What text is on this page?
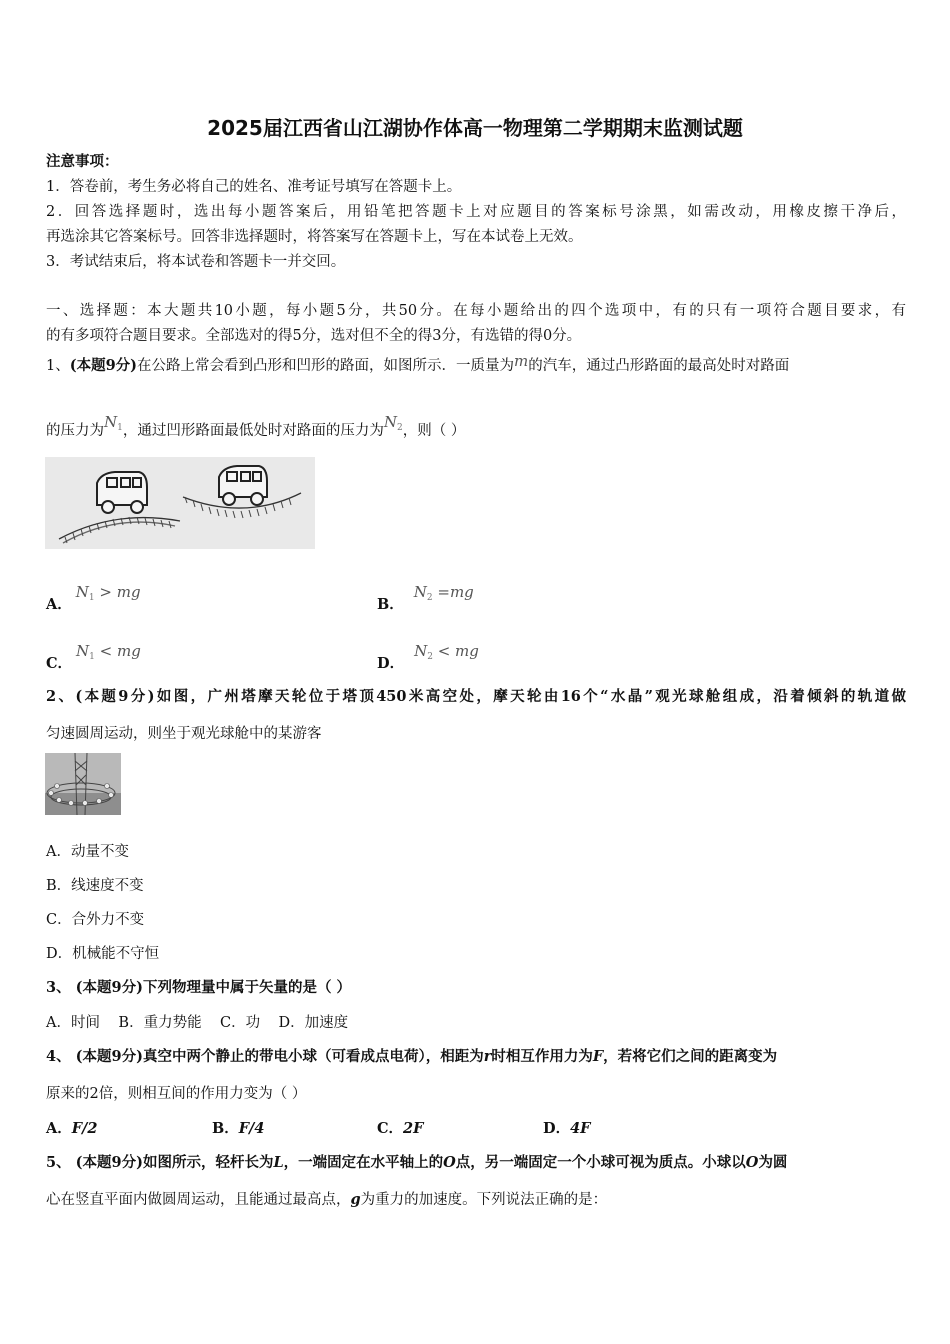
2025届江西省山江湖协作体高一物理第二学期期末监测试题
注意事项：
1．答卷前，考生务必将自己的姓名、准考证号填写在答题卡上。
2．回答选择题时，选出每小题答案后，用铅笔把答题卡上对应题目的答案标号涂黑，如需改动，用橡皮擦干净后，
再选涂其它答案标号。回答非选择题时，将答案写在答题卡上，写在本试卷上无效。
3．考试结束后，将本试卷和答题卡一并交回。
一、选择题：本大题共10小题，每小题5分，共50分。在每小题给出的四个选项中，有的只有一项符合题目要求，有
的有多项符合题目要求。全部选对的得5分，选对但不全的得3分，有选错的得0分。
1、(本题9分)在公路上常会看到凸形和凹形的路面，如图所示．一质量为m的汽车，通过凸形路面的最高处时对路面
的压力为$N_1$，通过凹形路面最低处时对路面的压力为$N_2$，则（ ）
A．$N_1$ > mg
B．$N_2 =mg$
C．$N_1$ < mg
D．$N_2$ < mg
2、(本题9分)如图，广州塔摩天轮位于塔顶450米高空处，摩天轮由16个“水晶”观光球舱组成，沿着倾斜的轨道做
匀速圆周运动，则坐于观光球舱中的某游客
A．动量不变
B．线速度不变
C．合外力不变
D．机械能不守恒
3、 (本题9分)下列物理量中属于矢量的是（ ）
A．时间    B．重力势能    C．功    D．加速度
4、 (本题9分)真空中两个静止的带电小球（可看成点电荷），相距为r时相互作用力为F，若将它们之间的距离变为
原来的2倍，则相互间的作用力变为（ ）
A．F/2	B．F/4	C．2F	D．4F
5、 (本题9分)如图所示，轻杆长为L，一端固定在水平轴上的O点，另一端固定一个小球可视为质点。小球以O为圆
心在竖直平面内做圆周运动，且能通过最高点，g为重力的加速度。下列说法正确的是：
